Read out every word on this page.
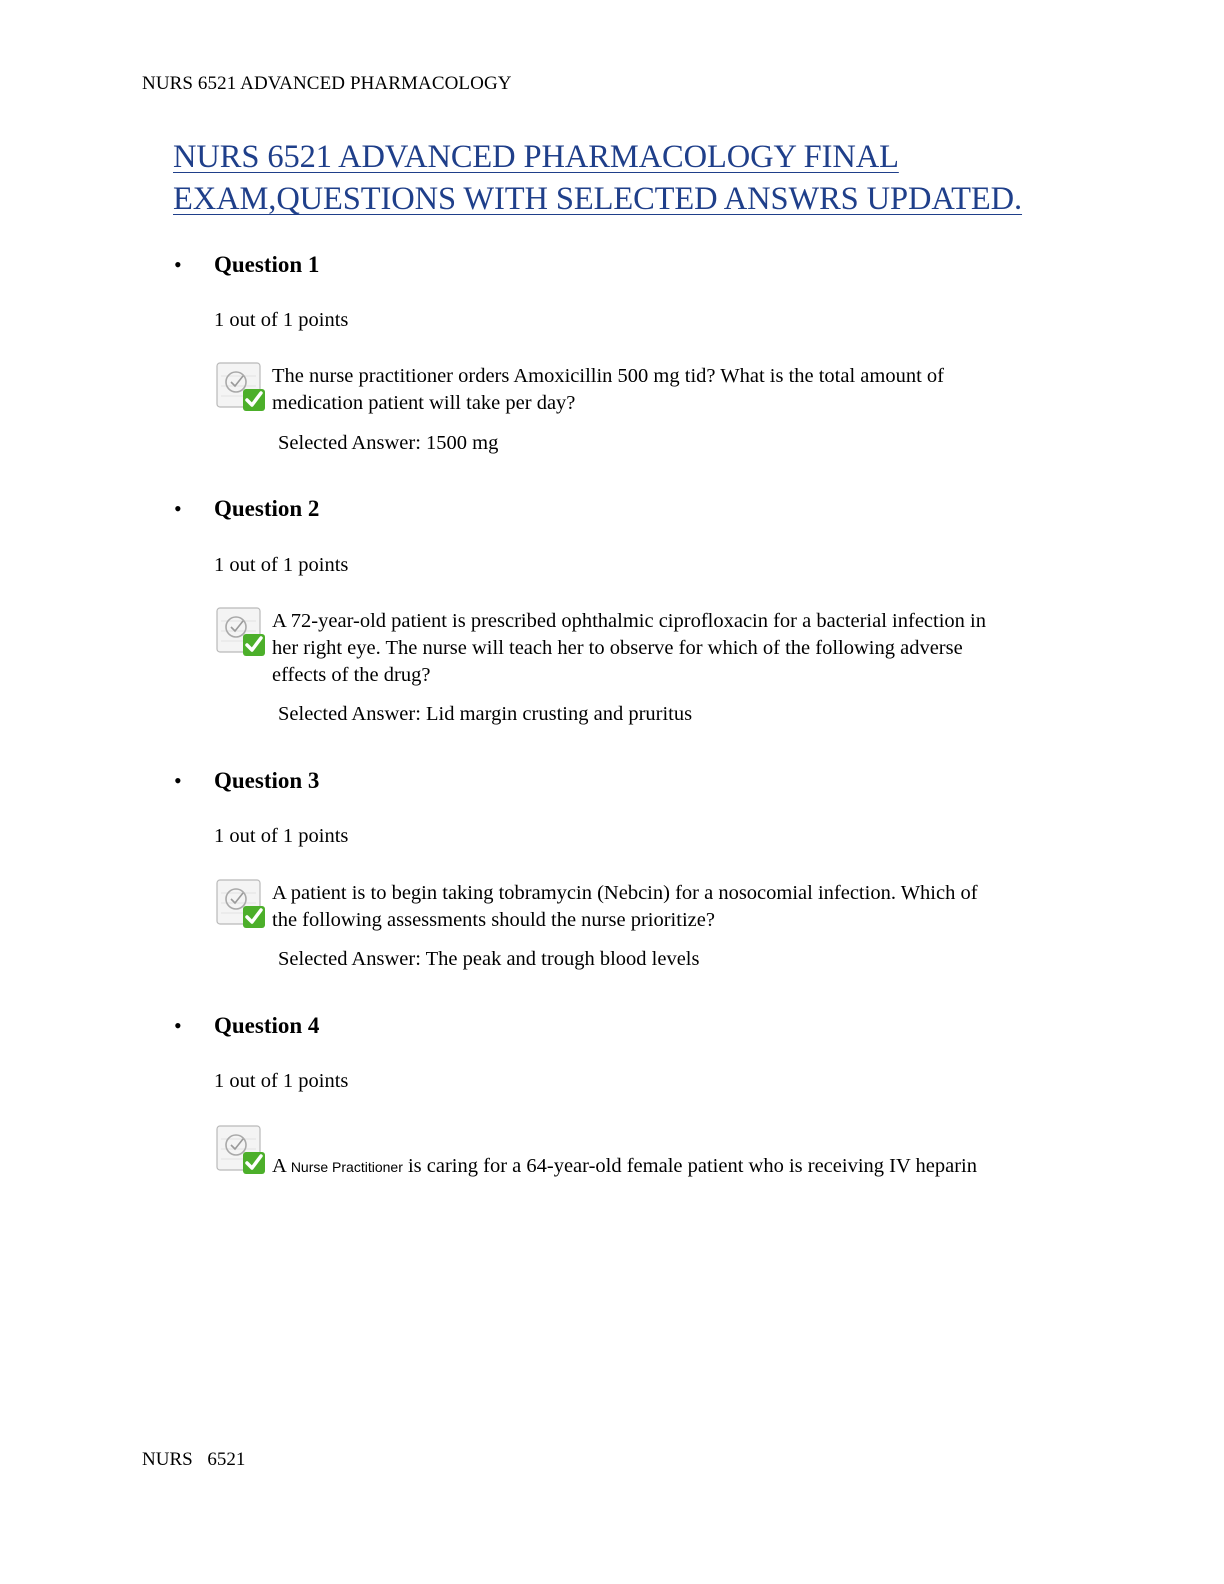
NURS 6521 ADVANCED PHARMACOLOGY
NURS 6521 ADVANCED PHARMACOLOGY FINAL
EXAM,QUESTIONS WITH SELECTED ANSWRS UPDATED.
•	Question 1
1 out of 1 points
The nurse practitioner orders Amoxicillin 500 mg tid? What is the total amount of
medication patient will take per day?
Selected Answer: 1500 mg
•	Question 2
1 out of 1 points
A 72-year-old patient is prescribed ophthalmic ciprofloxacin for a bacterial infection in
her right eye. The nurse will teach her to observe for which of the following adverse
effects of the drug?
Selected Answer: Lid margin crusting and pruritus
•	Question 3
1 out of 1 points
A patient is to begin taking tobramycin (Nebcin) for a nosocomial infection. Which of
the following assessments should the nurse prioritize?
Selected Answer: The peak and trough blood levels
•	Question 4
1 out of 1 points
A Nurse Practitioner is caring for a 64-year-old female patient who is receiving IV heparin
NURS 6521
